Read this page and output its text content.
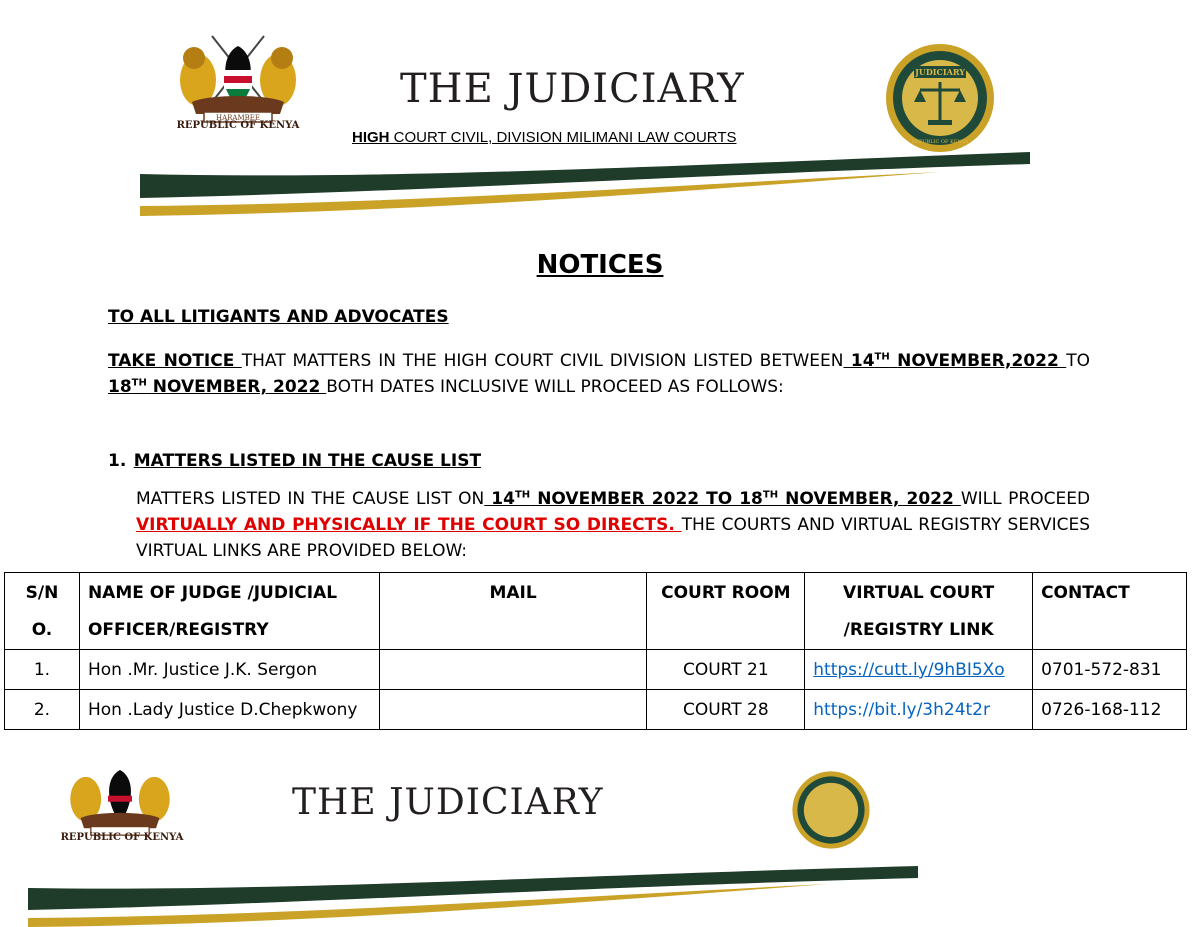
HARAMBEE
REPUBLIC OF KENYA
THE JUDICIARY
HIGH COURT CIVIL, DIVISION MILIMANI LAW COURTS
JUDICIARY
REPUBLIC OF KENYA
NOTICES
TO ALL LITIGANTS AND ADVOCATES
TAKE NOTICE THAT MATTERS IN THE HIGH COURT CIVIL DIVISION LISTED BETWEEN 14TH NOVEMBER,2022 TO 18TH NOVEMBER, 2022 BOTH DATES INCLUSIVE WILL PROCEED AS FOLLOWS:
1. MATTERS LISTED IN THE CAUSE LIST
MATTERS LISTED IN THE CAUSE LIST ON 14TH NOVEMBER 2022 TO 18TH NOVEMBER, 2022 WILL PROCEED VIRTUALLY AND PHYSICALLY IF THE COURT SO DIRECTS. THE COURTS AND VIRTUAL REGISTRY SERVICES VIRTUAL LINKS ARE PROVIDED BELOW:
REPUBLIC OF KENYA
THE JUDICIARY
S/N O.	NAME OF JUDGE /JUDICIAL OFFICER/REGISTRY	MAIL	COURT ROOM	VIRTUAL COURT /REGISTRY LINK	CONTACT
1.	Hon .Mr. Justice J.K. Sergon		COURT 21	https://cutt.ly/9hBI5Xo	0701-572-831
2.	Hon .Lady Justice D.Chepkwony		COURT 28	https://bit.ly/3h24t2r	0726-168-112
